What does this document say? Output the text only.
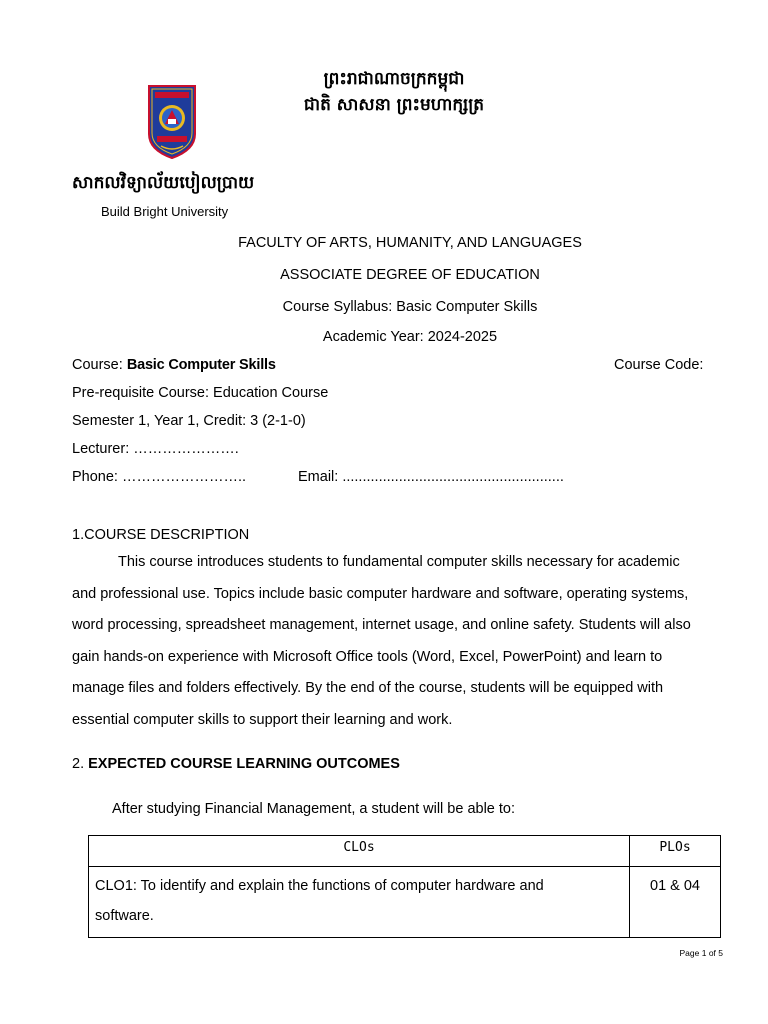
ព្រះរាជាណាចក្រកម្ពុជា
ជាតិ សាសនា ព្រះមហាក្សត្រ
សាកលវិទ្យាល័យបៀលប្រាយ
Build Bright University
FACULTY OF ARTS, HUMANITY, AND LANGUAGES
ASSOCIATE DEGREE OF EDUCATION
Course Syllabus: Basic Computer Skills
Academic Year: 2024-2025
Course: Basic Computer Skills	Course Code:
Pre-requisite Course: Education Course
Semester 1, Year 1, Credit: 3 (2-1-0)
Lecturer: ………………….
Phone: ……………………..	Email: .......................................................
1.COURSE DESCRIPTION

This course introduces students to fundamental computer skills necessary for academic

and professional use. Topics include basic computer hardware and software, operating systems,

word processing, spreadsheet management, internet usage, and online safety. Students will also

gain hands-on experience with Microsoft Office tools (Word, Excel, PowerPoint) and learn to

manage files and folders effectively. By the end of the course, students will be equipped with

essential computer skills to support their learning and work.

2. EXPECTED COURSE LEARNING OUTCOMES
After studying Financial Management, a student will be able to:
CLOs	PLOs

CLO1: To identify and explain the functions of computer hardware and
software.	01 & 04
Page 1 of 5
